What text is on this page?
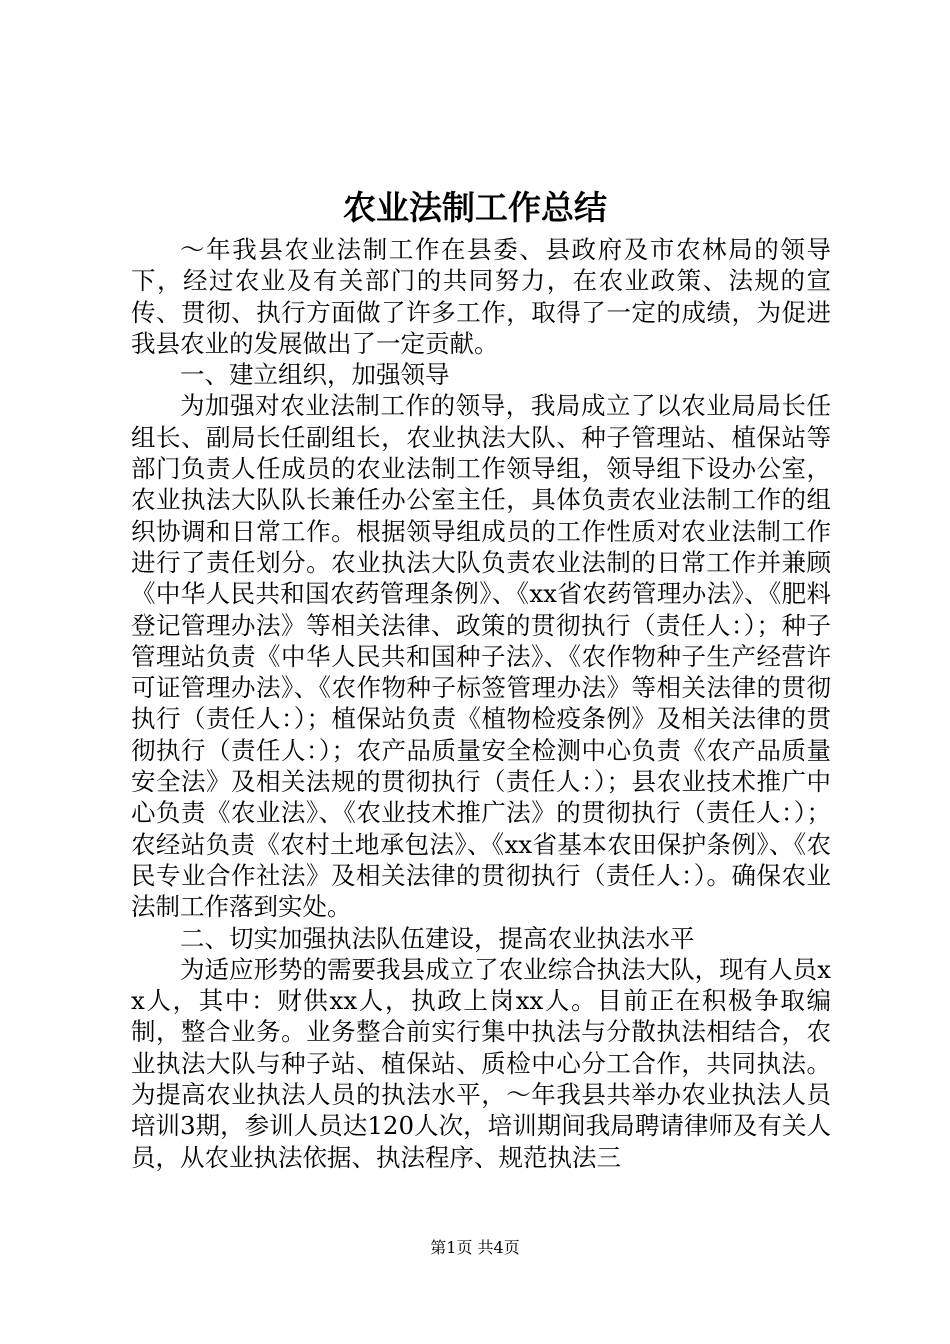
农业法制工作总结

～年我县农业法制工作在县委、县政府及市农林局的领导下，经过农业及有关部门的共同努力，在农业政策、法规的宣传、贯彻、执行方面做了许多工作，取得了一定的成绩，为促进我县农业的发展做出了一定贡献。

一、建立组织，加强领导

为加强对农业法制工作的领导，我局成立了以农业局局长任组长、副局长任副组长，农业执法大队、种子管理站、植保站等部门负责人任成员的农业法制工作领导组，领导组下设办公室，农业执法大队队长兼任办公室主任，具体负责农业法制工作的组织协调和日常工作。根据领导组成员的工作性质对农业法制工作进行了责任划分。农业执法大队负责农业法制的日常工作并兼顾《中华人民共和国农药管理条例》、《xx省农药管理办法》、《肥料登记管理办法》等相关法律、政策的贯彻执行（责任人：）；种子管理站负责《中华人民共和国种子法》、《农作物种子生产经营许可证管理办法》、《农作物种子标签管理办法》等相关法律的贯彻执行（责任人：）；植保站负责《植物检疫条例》及相关法律的贯彻执行（责任人：）；农产品质量安全检测中心负责《农产品质量安全法》及相关法规的贯彻执行（责任人：）；县农业技术推广中心负责《农业法》、《农业技术推广法》的贯彻执行（责任人：）；农经站负责《农村土地承包法》、《xx省基本农田保护条例》、《农民专业合作社法》及相关法律的贯彻执行（责任人：）。确保农业法制工作落到实处。

二、切实加强执法队伍建设，提高农业执法水平

为适应形势的需要我县成立了农业综合执法大队，现有人员xx人，其中：财供xx人，执政上岗xx人。目前正在积极争取编制，整合业务。业务整合前实行集中执法与分散执法相结合，农业执法大队与种子站、植保站、质检中心分工合作，共同执法。为提高农业执法人员的执法水平，～年我县共举办农业执法人员培训3期，参训人员达120人次，培训期间我局聘请律师及有关人员，从农业执法依据、执法程序、规范执法三

第1页 共4页
